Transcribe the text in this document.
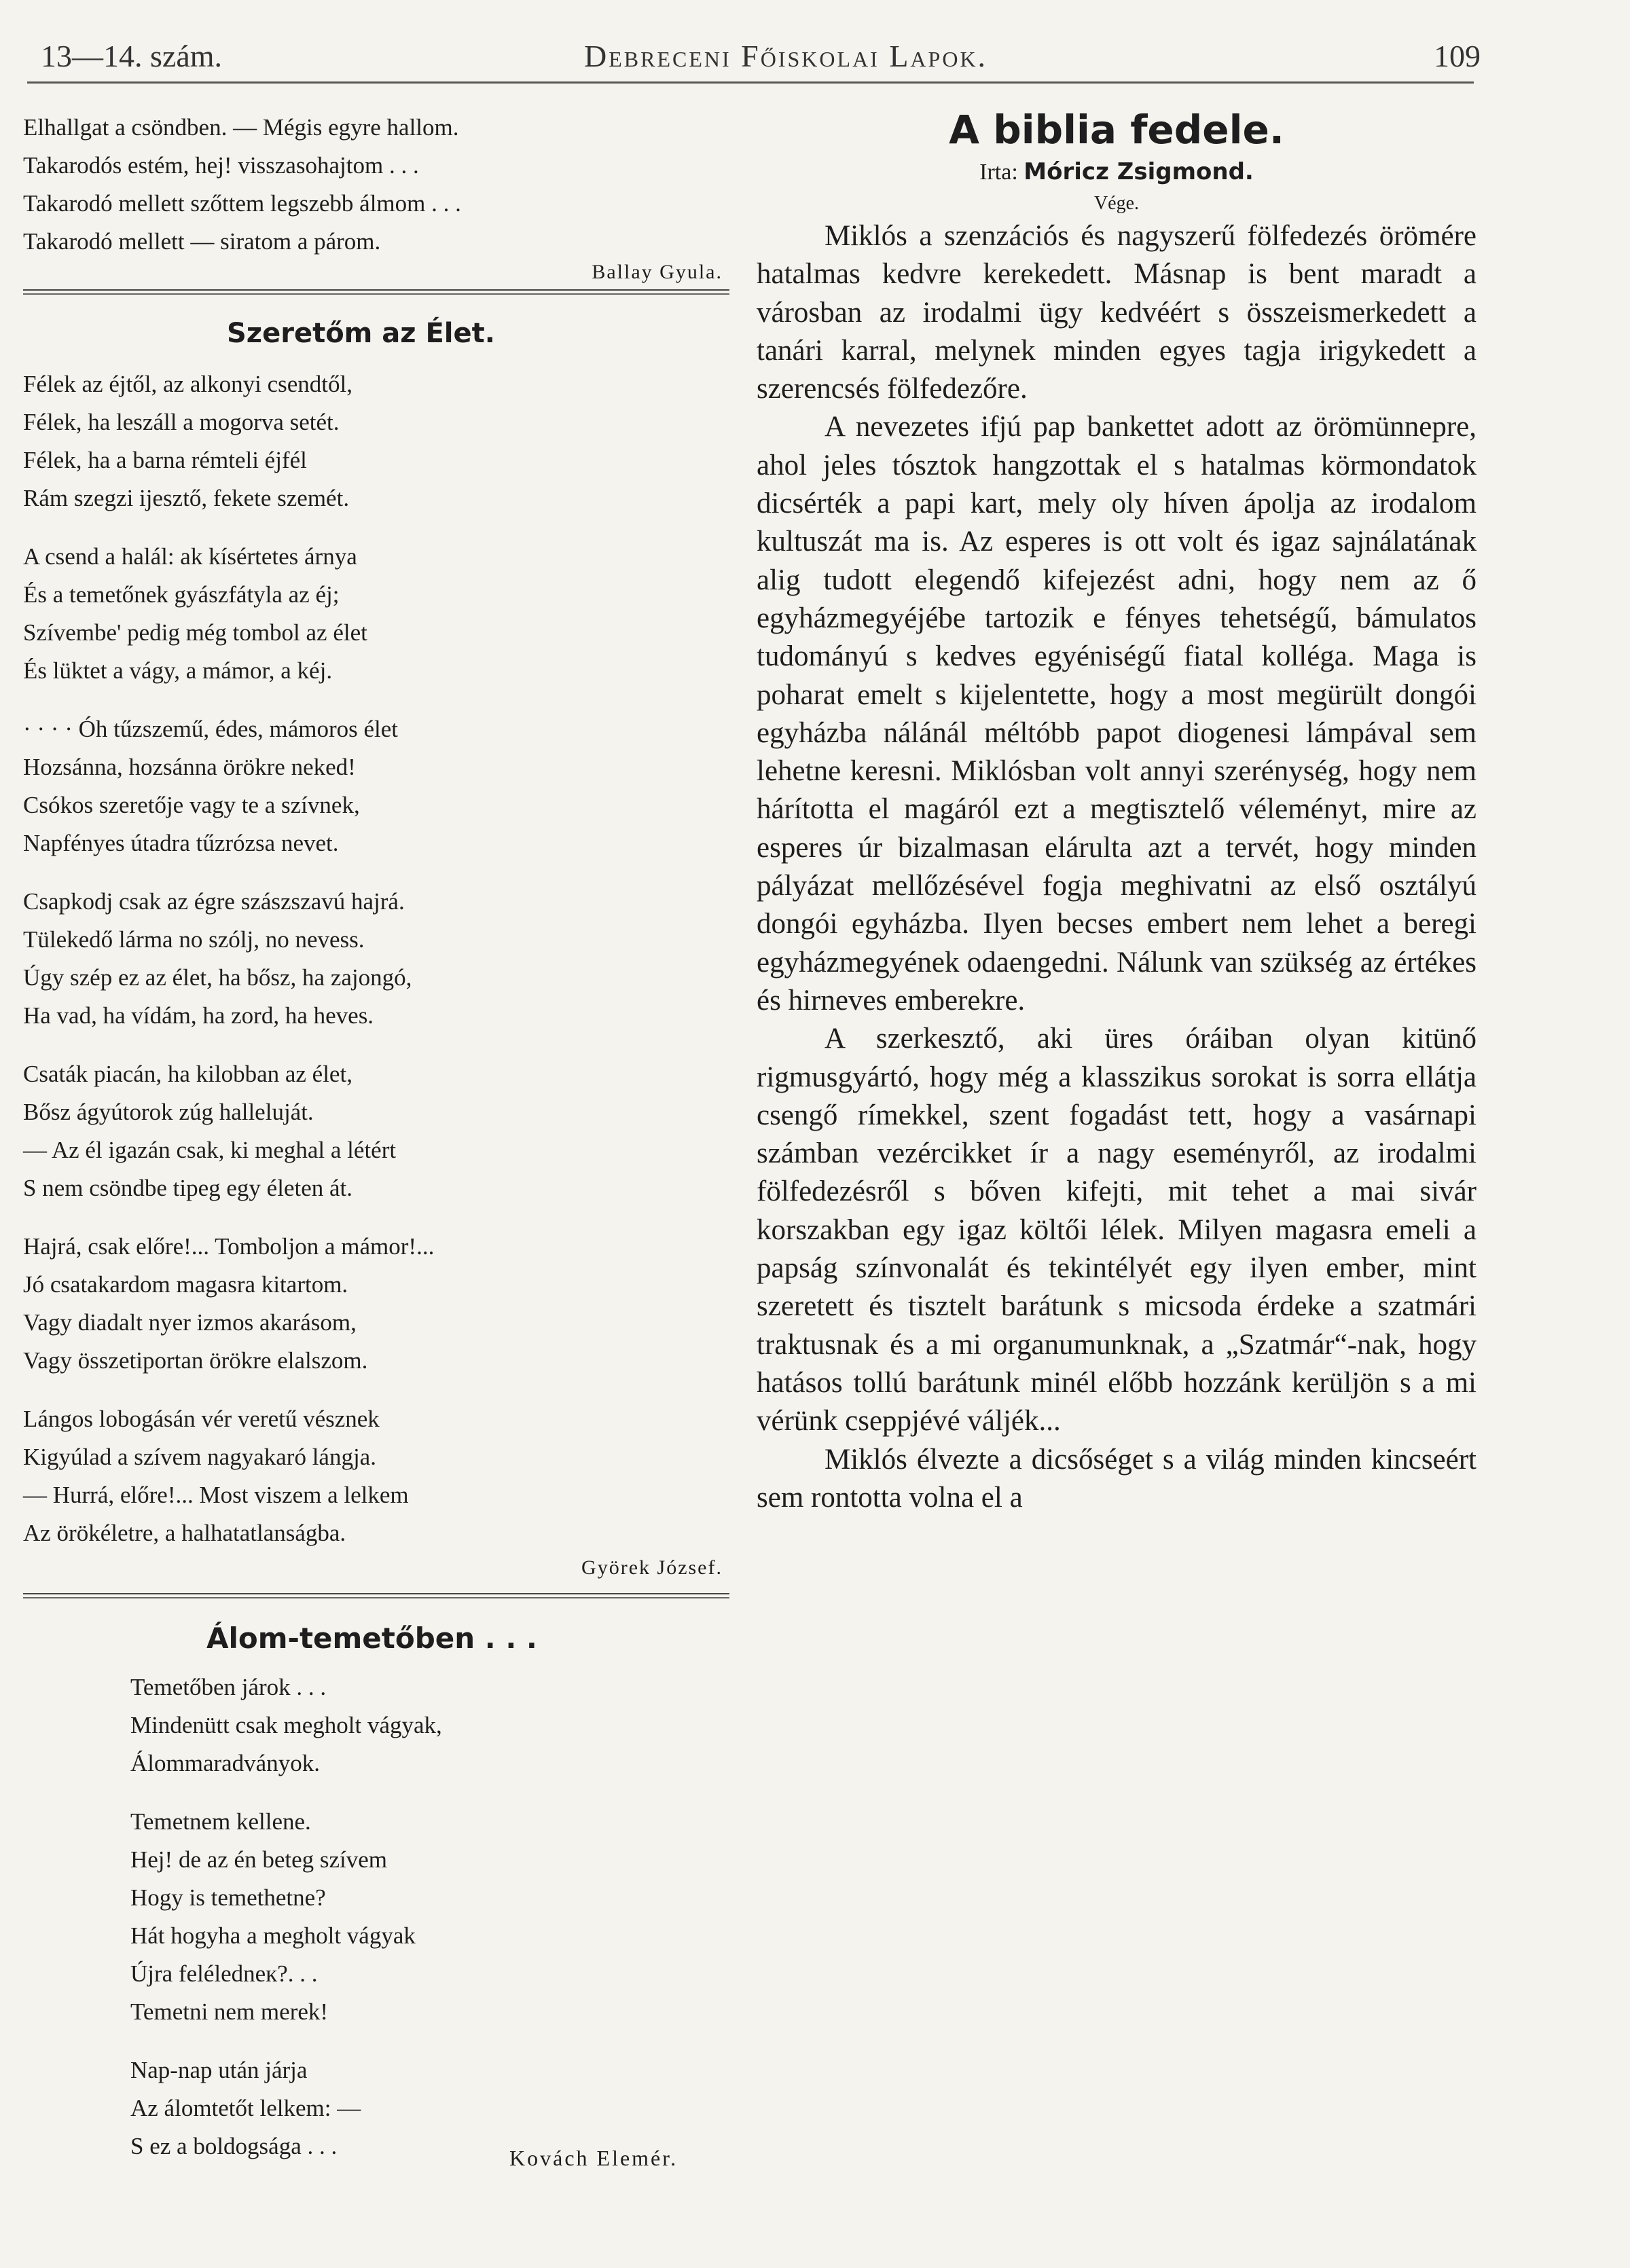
13—14. szám.	Debreceni Főiskolai Lapok.	109
Elhallgat a csöndben. — Mégis egyre hallom.
Takarodós estém, hej! visszasohajtom . . .
Takarodó mellett szőttem legszebb álmom . . .
Takarodó mellett — siratom a párom.
Ballay Gyula.
Szeretőm az Élet.
Félek az éjtől, az alkonyi csendtől,
Félek, ha leszáll a mogorva setét.
Félek, ha a barna rémteli éjfél
Rám szegzi ijesztő, fekete szemét.
A csend a halál: ak kísértetes árnya
És a temetőnek gyászfátyla az éj;
Szívembe' pedig még tombol az élet
És lüktet a vágy, a mámor, a kéj.
· · · · Óh tűzszemű, édes, mámoros élet
Hozsánna, hozsánna örökre neked!
Csókos szeretője vagy te a szívnek,
Napfényes útadra tűzrózsa nevet.
Csapkodj csak az égre szászszavú hajrá.
Tülekedő lárma no szólj, no nevess.
Úgy szép ez az élet, ha bősz, ha zajongó,
Ha vad, ha vídám, ha zord, ha heves.
Csaták piacán, ha kilobban az élet,
Bősz ágyútorok zúg halleluját.
— Az él igazán csak, ki meghal a létért
S nem csöndbe tipeg egy életen át.
Hajrá, csak előre!... Tomboljon a mámor!...
Jó csatakardom magasra kitartom.
Vagy diadalt nyer izmos akarásom,
Vagy összetiportan örökre elalszom.
Lángos lobogásán vér veretű vésznek
Kigyúlad a szívem nagyakaró lángja.
— Hurrá, előre!... Most viszem a lelkem
Az örökéletre, a halhatatlanságba.
Györek József.
Álom-temetőben . . .
Temetőben járok . . .
Mindenütt csak megholt vágyak,
Álommaradványok.
Temetnem kellene.
Hej! de az én beteg szívem
Hogy is temethetne?
Hát hogyha a megholt vágyak
Újra feléledneк?. . .
Temetni nem merek!
Nap-nap után járja
Az álomtetőt lelkem: —
S ez a boldogsága . . .	Kovách Elemér.
A biblia fedele.
Irta: Móricz Zsigmond.
Vége.

Miklós a szenzációs és nagyszerű fölfedezés örömére hatalmas kedvre kerekedett. Másnap is bent maradt a városban az irodalmi ügy kedvéért s összeismerkedett a tanári karral, melynek minden egyes tagja irigykedett a szerencsés fölfedezőre.

A nevezetes ifjú pap bankettet adott az örömünnepre, ahol jeles tósztok hangzottak el s hatalmas körmondatok dicsérték a papi kart, mely oly híven ápolja az irodalom kultuszát ma is. Az esperes is ott volt és igaz sajnálatának alig tudott elegendő kifejezést adni, hogy nem az ő egyházmegyéjébe tartozik e fényes tehetségű, bámulatos tudományú s kedves egyéniségű fiatal kolléga. Maga is poharat emelt s kijelentette, hogy a most megürült dongói egyházba nálánál méltóbb papot diogenesi lámpával sem lehetne keresni. Miklósban volt annyi szerénység, hogy nem hárította el magáról ezt a megtisztelő véleményt, mire az esperes úr bizalmasan elárulta azt a tervét, hogy minden pályázat mellőzésével fogja meghivatni az első osztályú dongói egyházba. Ilyen becses embert nem lehet a beregi egyházmegyének odaengedni. Nálunk van szükség az értékes és hirneves emberekre.

A szerkesztő, aki üres óráiban olyan kitünő rigmusgyártó, hogy még a klasszikus sorokat is sorra ellátja csengő rímekkel, szent fogadást tett, hogy a vasárnapi számban vezércikket ír a nagy eseményről, az irodalmi fölfedezésről s bőven kifejti, mit tehet a mai sivár korszakban egy igaz költői lélek. Milyen magasra emeli a papság színvonalát és tekintélyét egy ilyen ember, mint szeretett és tisztelt barátunk s micsoda érdeke a szatmári traktusnak és a mi organumunknak, a „Szatmár“-nak, hogy hatásos tollú barátunk minél előbb hozzánk kerüljön s a mi vérünk cseppjévé váljék...

Miklós élvezte a dicsőséget s a világ minden kincseért sem rontotta volna el a
